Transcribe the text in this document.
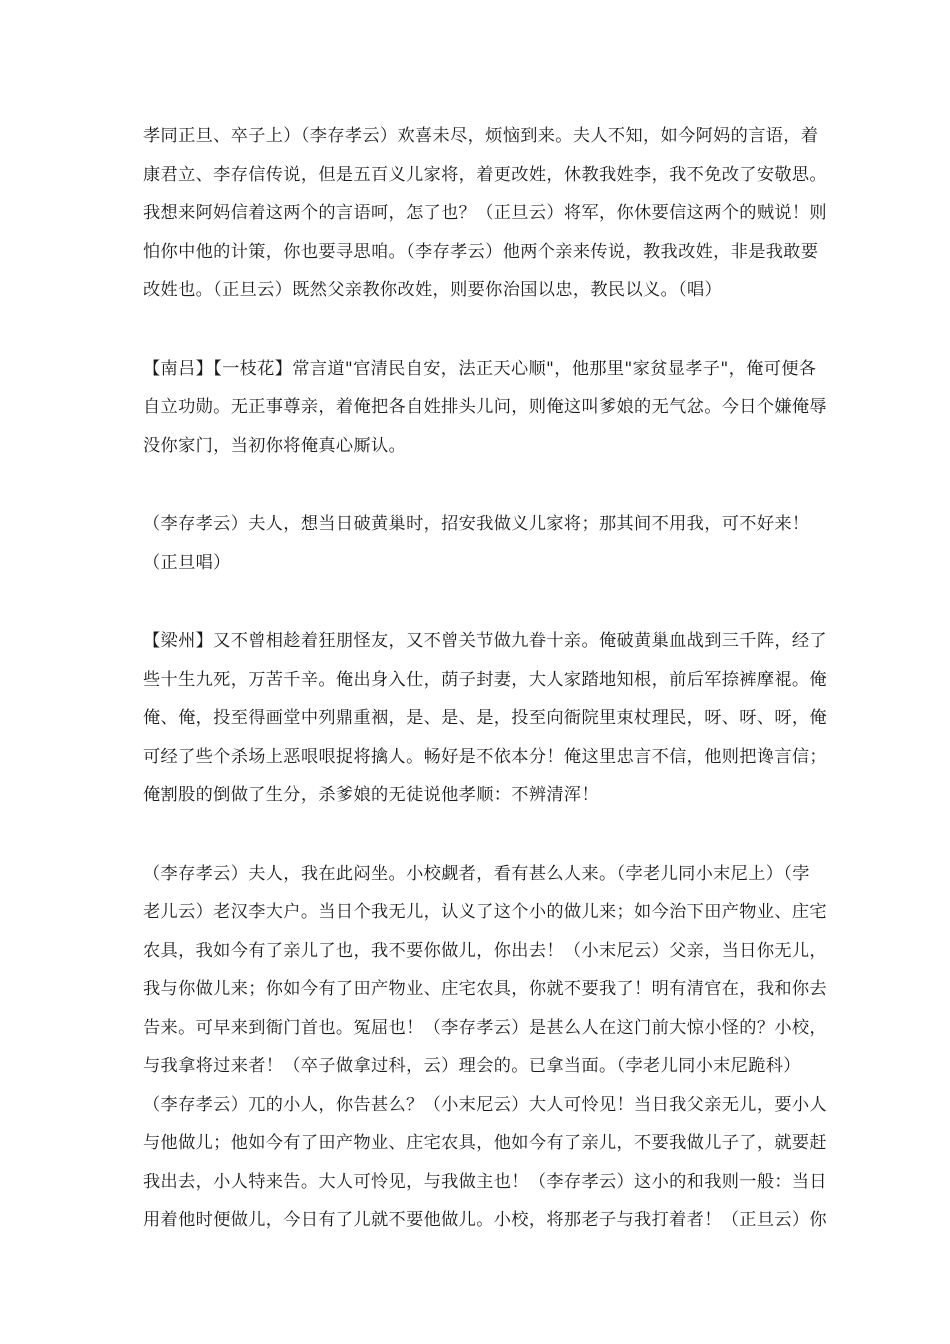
孝同正旦、卒子上）（李存孝云）欢喜未尽，烦恼到来。夫人不知，如今阿妈的言语，着
康君立、李存信传说，但是五百义儿家将，着更改姓，休教我姓李，我不免改了安敬思。
我想来阿妈信着这两个的言语呵，怎了也？（正旦云）将军，你休要信这两个的贼说！则
怕你中他的计策，你也要寻思咱。（李存孝云）他两个亲来传说，教我改姓，非是我敢要
改姓也。（正旦云）既然父亲教你改姓，则要你治国以忠，教民以义。（唱）
【南吕】【一枝花】常言道"官清民自安，法正天心顺"，他那里"家贫显孝子"，俺可便各
自立功勋。无正事尊亲，着俺把各自姓排头儿问，则俺这叫爹娘的无气忿。今日个嫌俺辱
没你家门，当初你将俺真心厮认。
（李存孝云）夫人，想当日破黄巢时，招安我做义儿家将；那其间不用我，可不好来！
（正旦唱）
【梁州】又不曾相趁着狂朋怪友，又不曾关节做九眷十亲。俺破黄巢血战到三千阵，经了
些十生九死，万苦千辛。俺出身入仕，荫子封妻，大人家踏地知根，前后军捺裤摩裩。俺
俺、俺，投至得画堂中列鼎重裀，是、是、是，投至向衙院里束杖理民，呀、呀、呀，俺
可经了些个杀场上恶哏哏捉将擒人。畅好是不依本分！俺这里忠言不信，他则把谗言信；
俺割股的倒做了生分，杀爹娘的无徒说他孝顺：不辨清浑！
（李存孝云）夫人，我在此闷坐。小校觑者，看有甚么人来。（孛老儿同小末尼上）（孛
老儿云）老汉李大户。当日个我无儿，认义了这个小的做儿来；如今治下田产物业、庄宅
农具，我如今有了亲儿了也，我不要你做儿，你出去！（小末尼云）父亲，当日你无儿，
我与你做儿来；你如今有了田产物业、庄宅农具，你就不要我了！明有清官在，我和你去
告来。可早来到衙门首也。冤屈也！（李存孝云）是甚么人在这门前大惊小怪的？小校，
与我拿将过来者！（卒子做拿过科，云）理会的。已拿当面。（孛老儿同小末尼跪科）
（李存孝云）兀的小人，你告甚么？（小末尼云）大人可怜见！当日我父亲无儿，要小人
与他做儿；他如今有了田产物业、庄宅农具，他如今有了亲儿，不要我做儿子了，就要赶
我出去，小人特来告。大人可怜见，与我做主也！（李存孝云）这小的和我则一般：当日
用着他时便做儿，今日有了儿就不要他做儿。小校，将那老子与我打着者！（正旦云）你
